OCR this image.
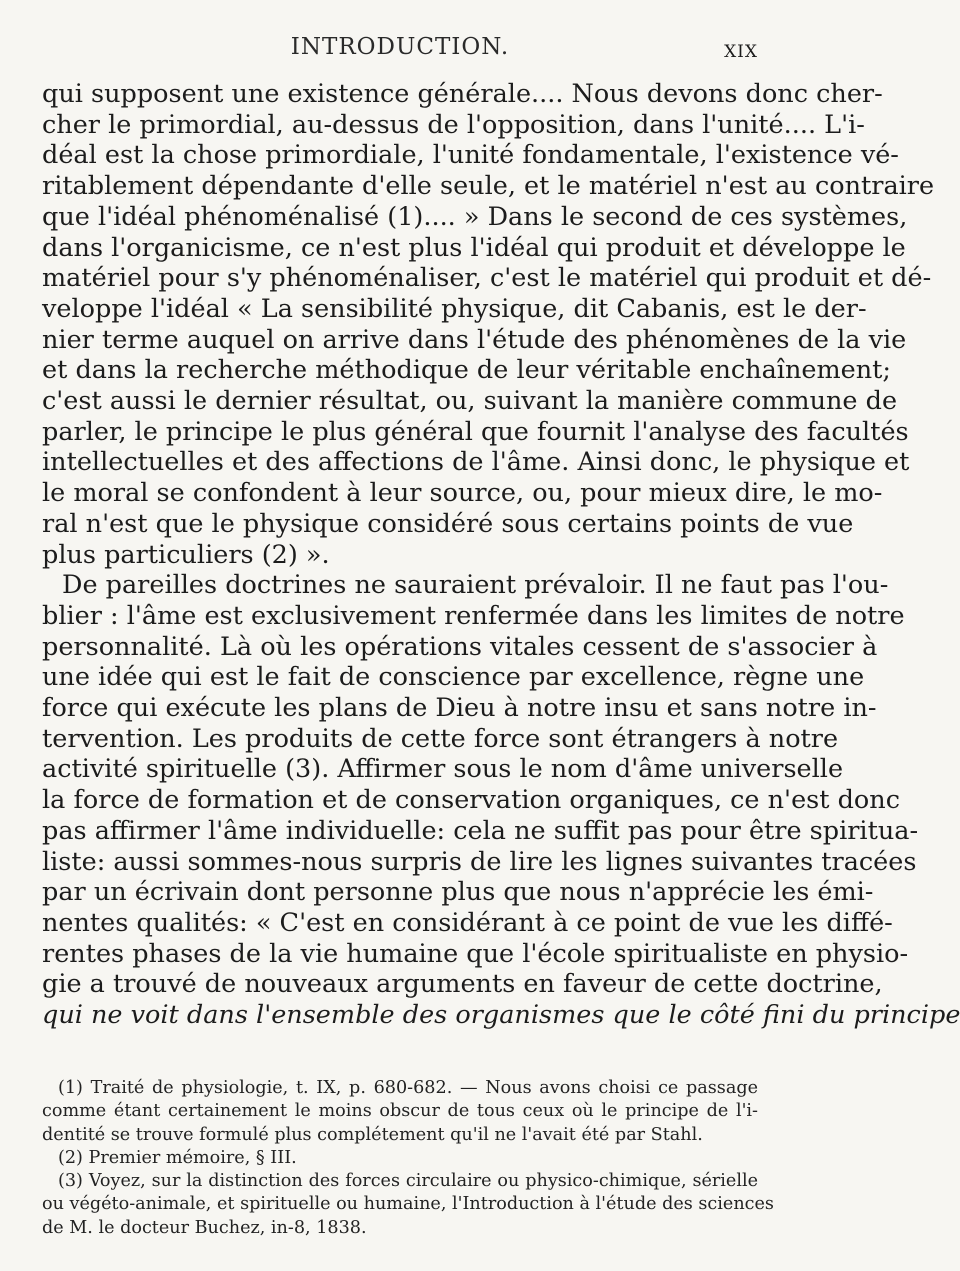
INTRODUCTION.	XIX
qui supposent une existence générale.... Nous devons donc cher-
cher le primordial, au-dessus de l'opposition, dans l'unité.... L'i-
déal est la chose primordiale, l'unité fondamentale, l'existence vé-
ritablement dépendante d'elle seule, et le matériel n'est au contraire
que l'idéal phénoménalisé (1).... » Dans le second de ces systèmes,
dans l'organicisme, ce n'est plus l'idéal qui produit et développe le
matériel pour s'y phénoménaliser, c'est le matériel qui produit et dé-
veloppe l'idéal « La sensibilité physique, dit Cabanis, est le der-
nier terme auquel on arrive dans l'étude des phénomènes de la vie
et dans la recherche méthodique de leur véritable enchaînement;
c'est aussi le dernier résultat, ou, suivant la manière commune de
parler, le principe le plus général que fournit l'analyse des facultés
intellectuelles et des affections de l'âme. Ainsi donc, le physique et
le moral se confondent à leur source, ou, pour mieux dire, le mo-
ral n'est que le physique considéré sous certains points de vue
plus particuliers (2) ».
De pareilles doctrines ne sauraient prévaloir. Il ne faut pas l'ou-
blier : l'âme est exclusivement renfermée dans les limites de notre
personnalité. Là où les opérations vitales cessent de s'associer à
une idée qui est le fait de conscience par excellence, règne une
force qui exécute les plans de Dieu à notre insu et sans notre in-
tervention. Les produits de cette force sont étrangers à notre
activité spirituelle (3). Affirmer sous le nom d'âme universelle
la force de formation et de conservation organiques, ce n'est donc
pas affirmer l'âme individuelle: cela ne suffit pas pour être spiritua-
liste: aussi sommes-nous surpris de lire les lignes suivantes tracées
par un écrivain dont personne plus que nous n'apprécie les émi-
nentes qualités: « C'est en considérant à ce point de vue les diffé-
rentes phases de la vie humaine que l'école spiritualiste en physio-
gie a trouvé de nouveaux arguments en faveur de cette doctrine,
qui ne voit dans l'ensemble des organismes que le côté fini du principe
(1) Traité de physiologie, t. IX, p. 680-682. — Nous avons choisi ce passage
comme étant certainement le moins obscur de tous ceux où le principe de l'i-
dentité se trouve formulé plus complétement qu'il ne l'avait été par Stahl.
(2) Premier mémoire, § III.
(3) Voyez, sur la distinction des forces circulaire ou physico-chimique, sérielle
ou végéto-animale, et spirituelle ou humaine, l'Introduction à l'étude des sciences
de M. le docteur Buchez, in-8, 1838.
